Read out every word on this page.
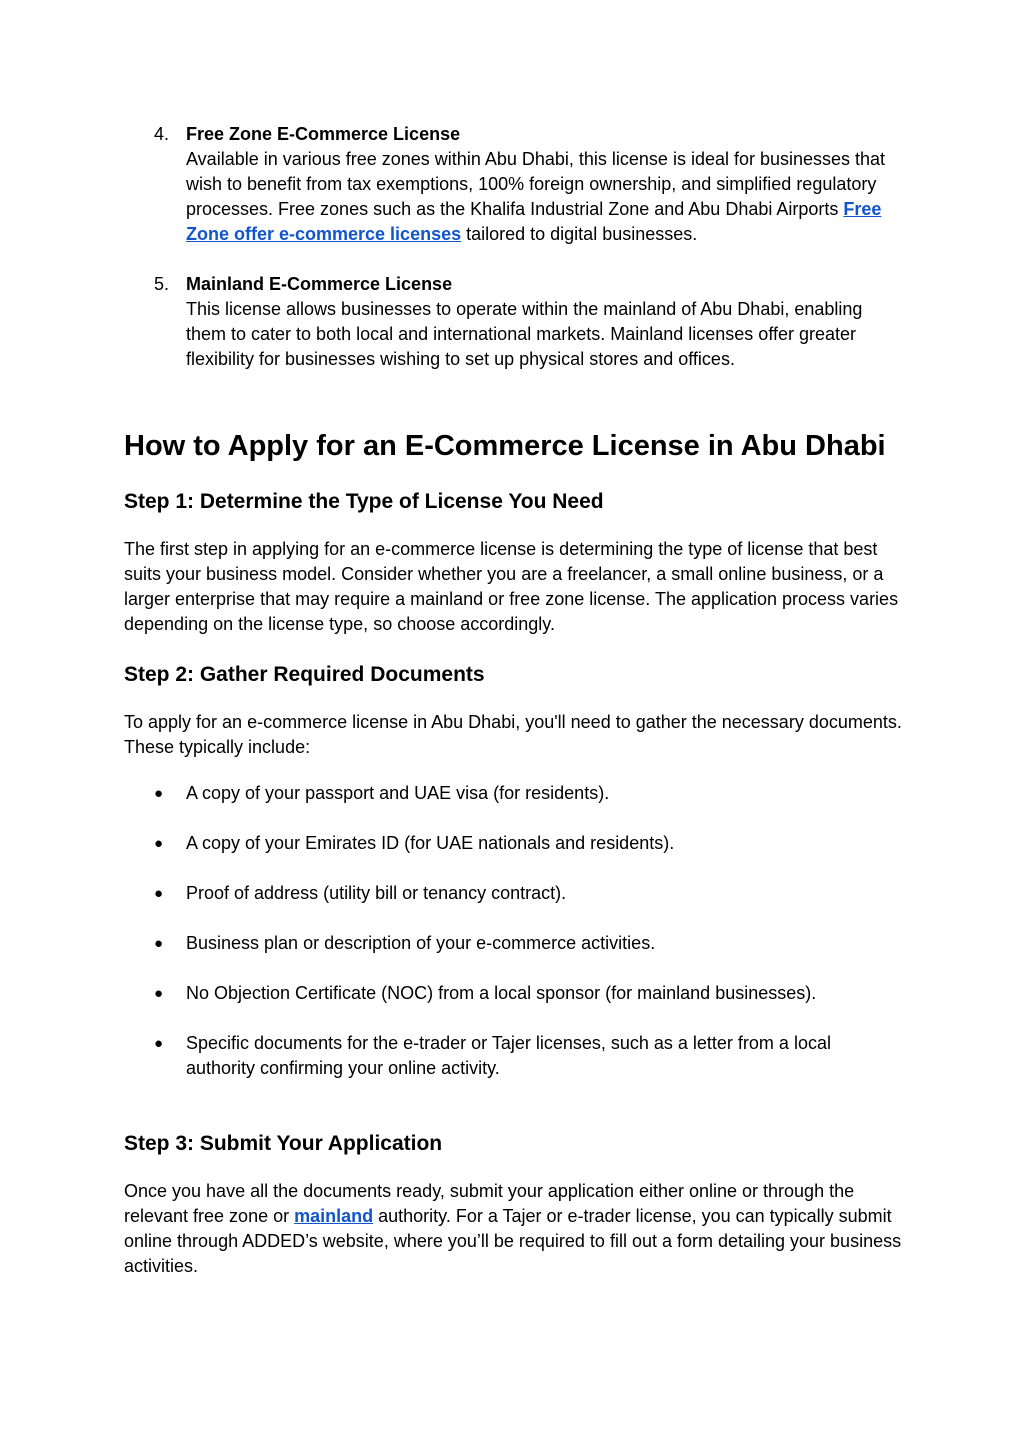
4. Free Zone E-Commerce License
Available in various free zones within Abu Dhabi, this license is ideal for businesses that wish to benefit from tax exemptions, 100% foreign ownership, and simplified regulatory processes. Free zones such as the Khalifa Industrial Zone and Abu Dhabi Airports Free Zone offer e-commerce licenses tailored to digital businesses.
5. Mainland E-Commerce License
This license allows businesses to operate within the mainland of Abu Dhabi, enabling them to cater to both local and international markets. Mainland licenses offer greater flexibility for businesses wishing to set up physical stores and offices.
How to Apply for an E-Commerce License in Abu Dhabi
Step 1: Determine the Type of License You Need

The first step in applying for an e-commerce license is determining the type of license that best suits your business model. Consider whether you are a freelancer, a small online business, or a larger enterprise that may require a mainland or free zone license. The application process varies depending on the license type, so choose accordingly.

Step 2: Gather Required Documents

To apply for an e-commerce license in Abu Dhabi, you'll need to gather the necessary documents. These typically include:

● A copy of your passport and UAE visa (for residents).
● A copy of your Emirates ID (for UAE nationals and residents).
● Proof of address (utility bill or tenancy contract).
● Business plan or description of your e-commerce activities.
● No Objection Certificate (NOC) from a local sponsor (for mainland businesses).
● Specific documents for the e-trader or Tajer licenses, such as a letter from a local authority confirming your online activity.
Step 3: Submit Your Application

Once you have all the documents ready, submit your application either online or through the relevant free zone or mainland authority. For a Tajer or e-trader license, you can typically submit online through ADDED’s website, where you’ll be required to fill out a form detailing your business activities.
